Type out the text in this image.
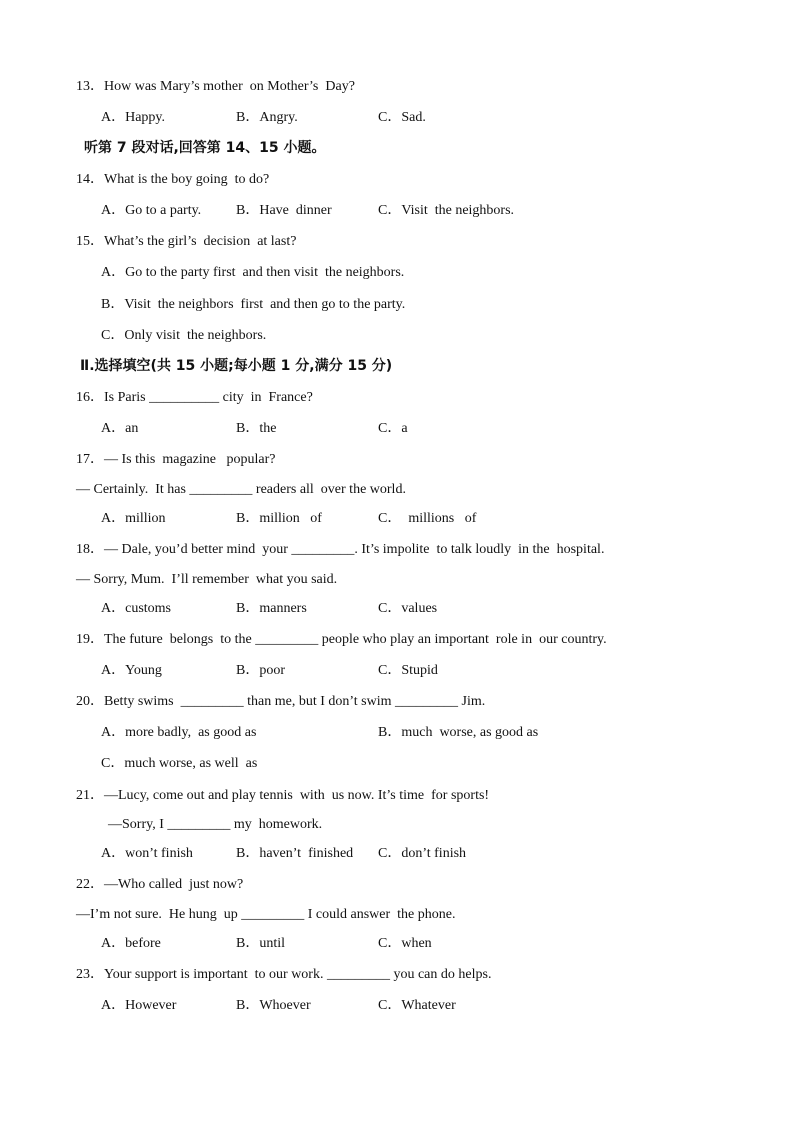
13．How was Mary’s mother  on Mother’s  Day?
A．Happy.	B．Angry.	C．Sad.
听第 7 段对话,回答第 14、15 小题。
14．What is the boy going  to do?
A．Go to a party. B．Have  dinner	C．Visit  the neighbors.
15．What’s the girl’s  decision  at last?
A．Go to the party first  and then visit  the neighbors.
B．Visit  the neighbors  first  and then go to the party.
C．Only visit  the neighbors.
Ⅱ.选择填空(共 15 小题;每小题 1 分,满分 15 分)
16．Is Paris __________ city  in  France?
A．an	B．the	C．a
17．— Is this  magazine   popular?
— Certainly.  It has _________ readers all  over the world.
A．million	B．million   of	C．  millions   of
18．— Dale, you’d better mind  your _________. It’s impolite  to talk loudly  in the  hospital.
— Sorry, Mum.  I’ll remember  what you said.
A．customs	B．manners	C．values
19．The future  belongs  to the _________ people who play an important  role in  our country.
A．Young	B．poor	C．Stupid
20．Betty swims  _________ than me, but I don’t swim _________ Jim.
A．more badly,  as good as	B．much  worse, as good as
C．much worse, as well  as
21．—Lucy, come out and play tennis  with  us now. It’s time  for sports!
—Sorry, I _________ my  homework.
A．won’t finish	B．haven’t  finished C．don’t finish
22．—Who called  just now?
—I’m not sure.  He hung  up _________ I could answer  the phone.
A．before	B．until	C．when
23．Your support is important  to our work. _________ you can do helps.
A．However	B．Whoever	C．Whatever
